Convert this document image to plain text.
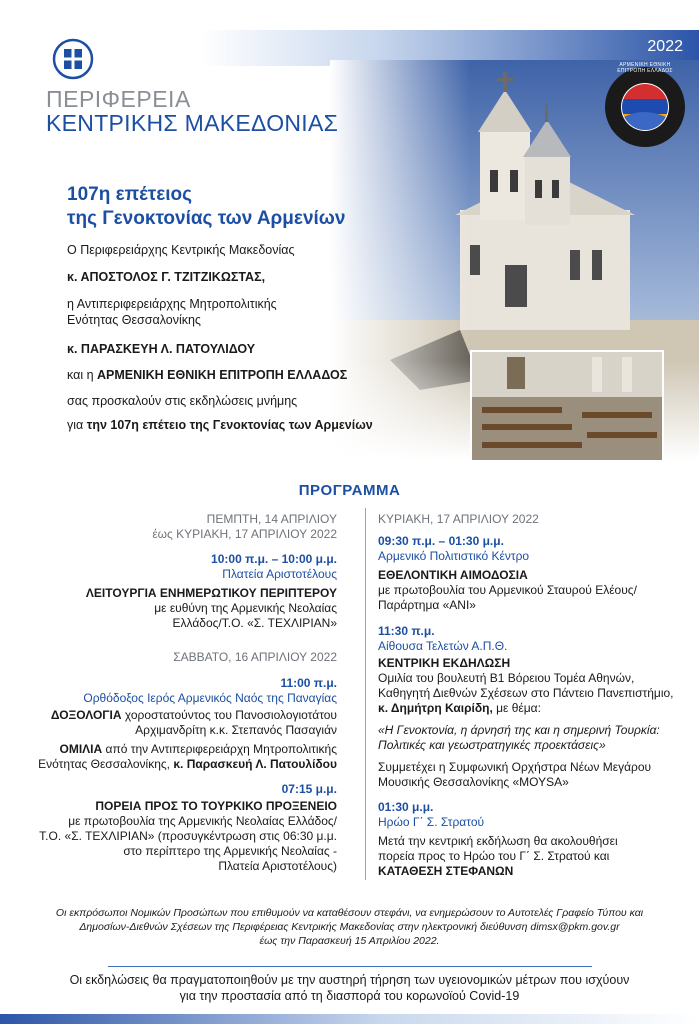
2022
ΠΕΡΙΦΕΡΕΙΑ
ΚΕΝΤΡΙΚΗΣ ΜΑΚΕΔΟΝΙΑΣ
ΑΡΜΕΝΙΚΗ ΕΘΝΙΚΗ ΕΠΙΤΡΟΠΗ ΕΛΛΑΔΟΣ
107η επέτειος
της Γενοκτονίας των Αρμενίων
Ο Περιφερειάρχης Κεντρικής Μακεδονίας
κ. ΑΠΟΣΤΟΛΟΣ Γ. ΤΖΙΤΖΙΚΩΣΤΑΣ,
η Αντιπεριφερειάρχης Μητροπολιτικής
Ενότητας Θεσσαλονίκης
κ. ΠΑΡΑΣΚΕΥΗ Λ. ΠΑΤΟΥΛΙΔΟΥ
και η ΑΡΜΕΝΙΚΗ ΕΘΝΙΚΗ ΕΠΙΤΡΟΠΗ ΕΛΛΑΔΟΣ
σας προσκαλούν στις εκδηλώσεις μνήμης
για την 107η επέτειο της Γενοκτονίας των Αρμενίων
ΠΡΟΓΡΑΜΜΑ
ΠΕΜΠΤΗ, 14 ΑΠΡΙΛΙΟΥ
έως ΚΥΡΙΑΚΗ, 17 ΑΠΡΙΛΙΟΥ 2022
10:00 π.μ. – 10:00 μ.μ.
Πλατεία Αριστοτέλους
ΛΕΙΤΟΥΡΓΙΑ ΕΝΗΜΕΡΩΤΙΚΟΥ ΠΕΡΙΠΤΕΡΟΥ
με ευθύνη της Αρμενικής Νεολαίας
Ελλάδος/Τ.Ο. «Σ. ΤΕΧΛΙΡΙΑΝ»
ΣΑΒΒΑΤΟ, 16 ΑΠΡΙΛΙΟΥ 2022
11:00 π.μ.
Ορθόδοξος Ιερός Αρμενικός Ναός της Παναγίας
ΔΟΞΟΛΟΓΙΑ χοροστατούντος του Πανοσιολογιοτάτου
Αρχιμανδρίτη κ.κ. Στεπανός Πασαγιάν
ΟΜΙΛΙΑ από την Αντιπεριφερειάρχη Μητροπολιτικής
Ενότητας Θεσσαλονίκης, κ. Παρασκευή Λ. Πατουλίδου
07:15 μ.μ.
ΠΟΡΕΙΑ ΠΡΟΣ ΤΟ ΤΟΥΡΚΙΚΟ ΠΡΟΞΕΝΕΙΟ
με πρωτοβουλία της Αρμενικής Νεολαίας Ελλάδος/
Τ.Ο. «Σ. ΤΕΧΛΙΡΙΑΝ» (προσυγκέντρωση στις 06:30 μ.μ.
στο περίπτερο της Αρμενικής Νεολαίας -
Πλατεία Αριστοτέλους)
ΚΥΡΙΑΚΗ, 17 ΑΠΡΙΛΙΟΥ 2022
09:30 π.μ. – 01:30 μ.μ.
Αρμενικό Πολιτιστικό Κέντρο
ΕΘΕΛΟΝΤΙΚΗ ΑΙΜΟΔΟΣΙΑ
με πρωτοβουλία του Αρμενικού Σταυρού Ελέους/
Παράρτημα «ANI»
11:30 π.μ.
Αίθουσα Τελετών Α.Π.Θ.
ΚΕΝΤΡΙΚΗ ΕΚΔΗΛΩΣΗ
Ομιλία του βουλευτή Β1 Βόρειου Τομέα Αθηνών,
Καθηγητή Διεθνών Σχέσεων στο Πάντειο Πανεπιστήμιο,
κ. Δημήτρη Καιρίδη, με θέμα:
«Η Γενοκτονία, η άρνησή της και η σημερινή Τουρκία:
Πολιτικές και γεωστρατηγικές προεκτάσεις»
Συμμετέχει η Συμφωνική Ορχήστρα Νέων Μεγάρου
Μουσικής Θεσσαλονίκης «ΜΟΥSΑ»
01:30 μ.μ.
Ηρώο Γ΄ Σ. Στρατού
Μετά την κεντρική εκδήλωση θα ακολουθήσει
πορεία προς το Ηρώο του Γ΄ Σ. Στρατού και
ΚΑΤΑΘΕΣΗ ΣΤΕΦΑΝΩΝ
Οι εκπρόσωποι Νομικών Προσώπων που επιθυμούν να καταθέσουν στεφάνι, να ενημερώσουν το Αυτοτελές Γραφείο Τύπου και
Δημοσίων-Διεθνών Σχέσεων της Περιφέρειας Κεντρικής Μακεδονίας στην ηλεκτρονική διεύθυνση dimsx@pkm.gov.gr
έως την Παρασκευή 15 Απριλίου 2022.
Οι εκδηλώσεις θα πραγματοποιηθούν με την αυστηρή τήρηση των υγειονομικών μέτρων που ισχύουν
για την προστασία από τη διασπορά του κορωνοϊού Covid-19
